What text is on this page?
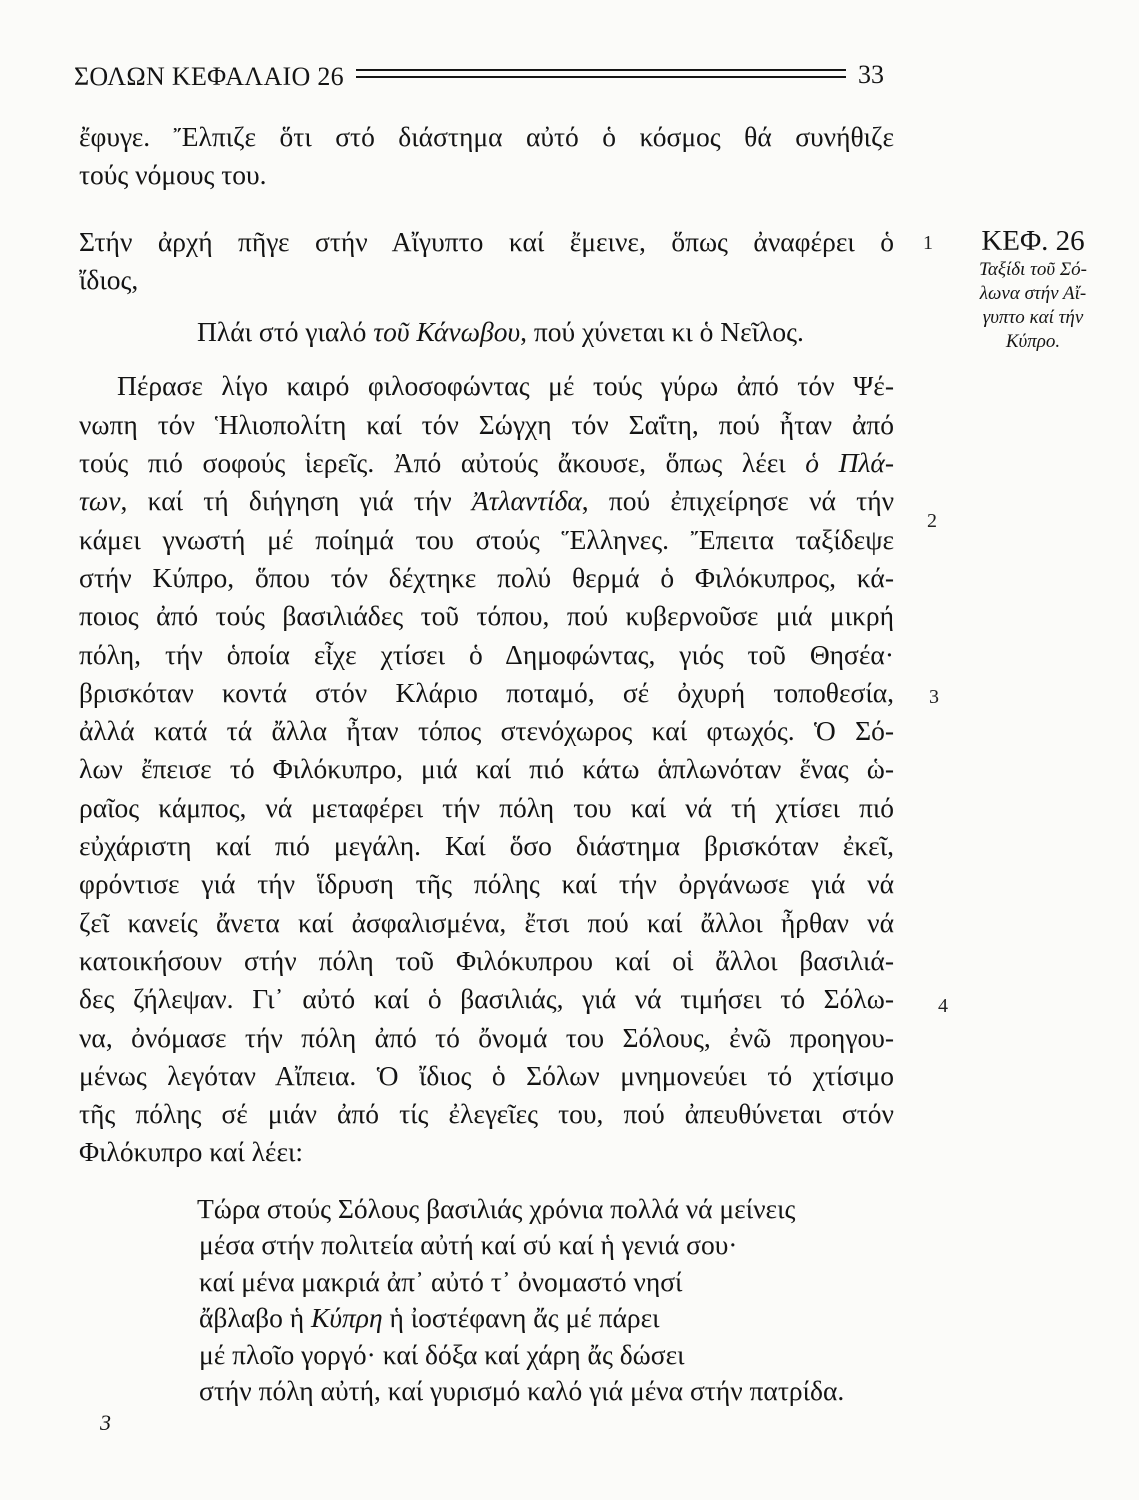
ΣΟΛΩΝ ΚΕΦΑΛΑΙΟ 26	33
ἔφυγε. Ἔλπιζε ὅτι στό διάστημα αὐτό ὁ κόσμος θά συνήθιζε
τούς νόμους του.
Στήν ἀρχή πῆγε στήν Αἴγυπτο καί ἔμεινε, ὅπως ἀναφέρει ὁ
ἴδιος,
Πλάι στό γιαλό τοῦ Κάνωβου, πού χύνεται κι ὁ Νεῖλος.
Πέρασε λίγο καιρό φιλοσοφώντας μέ τούς γύρω ἀπό τόν Ψέ-
νωπη τόν Ἡλιοπολίτη καί τόν Σώγχη τόν Σαΐτη, πού ἦταν ἀπό
τούς πιό σοφούς ἱερεῖς. Ἀπό αὐτούς ἄκουσε, ὅπως λέει ὁ Πλά-
των, καί τή διήγηση γιά τήν Ἀτλαντίδα, πού ἐπιχείρησε νά τήν
κάμει γνωστή μέ ποίημά του στούς Ἕλληνες. Ἔπειτα ταξίδεψε
στήν Κύπρο, ὅπου τόν δέχτηκε πολύ θερμά ὁ Φιλόκυπρος, κά-
ποιος ἀπό τούς βασιλιάδες τοῦ τόπου, πού κυβερνοῦσε μιά μικρή
πόλη, τήν ὁποία εἶχε χτίσει ὁ Δημοφώντας, γιός τοῦ Θησέα·
βρισκόταν κοντά στόν Κλάριο ποταμό, σέ ὀχυρή τοποθεσία,
ἀλλά κατά τά ἄλλα ἦταν τόπος στενόχωρος καί φτωχός. Ὁ Σό-
λων ἔπεισε τό Φιλόκυπρο, μιά καί πιό κάτω ἁπλωνόταν ἕνας ὡ-
ραῖος κάμπος, νά μεταφέρει τήν πόλη του καί νά τή χτίσει πιό
εὐχάριστη καί πιό μεγάλη. Καί ὅσο διάστημα βρισκόταν ἐκεῖ,
φρόντισε γιά τήν ἵδρυση τῆς πόλης καί τήν ὀργάνωσε γιά νά
ζεῖ κανείς ἄνετα καί ἀσφαλισμένα, ἔτσι πού καί ἄλλοι ἦρθαν νά
κατοικήσουν στήν πόλη τοῦ Φιλόκυπρου καί οἱ ἄλλοι βασιλιά-
δες ζήλεψαν. Γι᾽ αὐτό καί ὁ βασιλιάς, γιά νά τιμήσει τό Σόλω-
να, ὀνόμασε τήν πόλη ἀπό τό ὄνομά του Σόλους, ἐνῶ προηγου-
μένως λεγόταν Αἴπεια. Ὁ ἴδιος ὁ Σόλων μνημονεύει τό χτίσιμο
τῆς πόλης σέ μιάν ἀπό τίς ἐλεγεῖες του, πού ἀπευθύνεται στόν
Φιλόκυπρο καί λέει:
Τώρα στούς Σόλους βασιλιάς χρόνια πολλά νά μείνεις
μέσα στήν πολιτεία αὐτή καί σύ καί ἡ γενιά σου·
καί μένα μακριά ἀπ᾽ αὐτό τ᾽ ὀνομαστό νησί
ἄβλαβο ἡ Κύπρη ἡ ἰοστέφανη ἄς μέ πάρει
μέ πλοῖο γοργό· καί δόξα καί χάρη ἄς δώσει
στήν πόλη αὐτή, καί γυρισμό καλό γιά μένα στήν πατρίδα.
1
2
3
4
ΚΕΦ. 26
Ταξίδι τοῦ Σό-
λωνα στήν Αἴ-
γυπτο καί τήν
Κύπρο.
3
